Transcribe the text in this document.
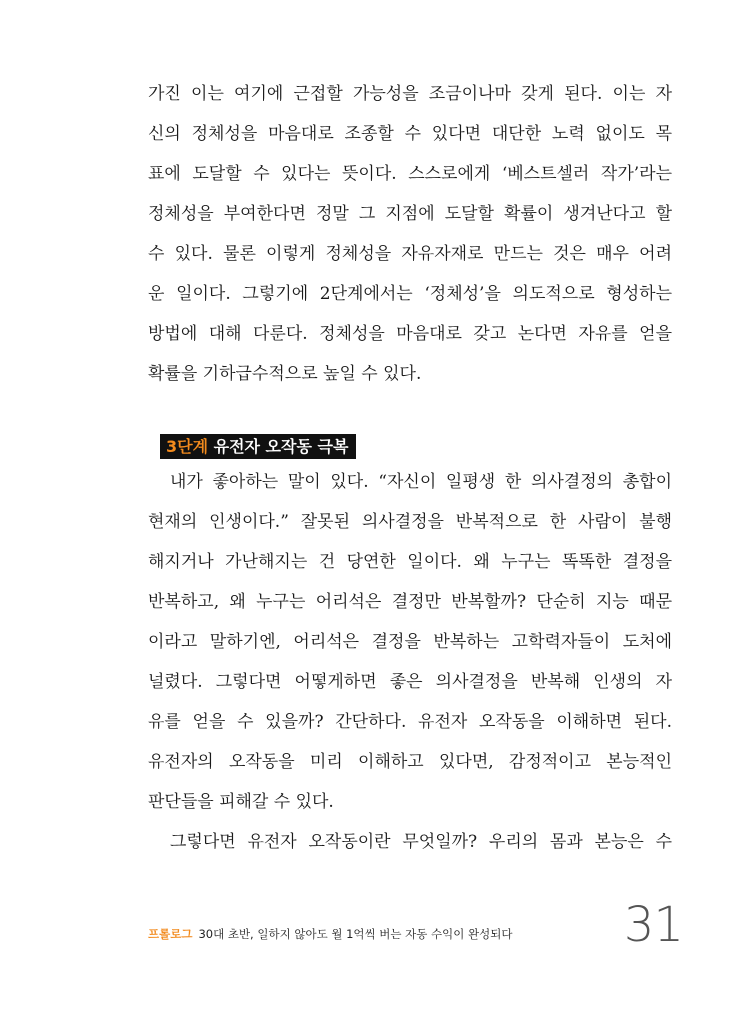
가진 이는 여기에 근접할 가능성을 조금이나마 갖게 된다. 이는 자
신의 정체성을 마음대로 조종할 수 있다면 대단한 노력 없이도 목
표에 도달할 수 있다는 뜻이다. 스스로에게 ‘베스트셀러 작가’라는
정체성을 부여한다면 정말 그 지점에 도달할 확률이 생겨난다고 할
수 있다. 물론 이렇게 정체성을 자유자재로 만드는 것은 매우 어려
운 일이다. 그렇기에 2단계에서는 ‘정체성’을 의도적으로 형성하는
방법에 대해 다룬다. 정체성을 마음대로 갖고 논다면 자유를 얻을
확률을 기하급수적으로 높일 수 있다.
3단계 유전자 오작동 극복
내가 좋아하는 말이 있다. “자신이 일평생 한 의사결정의 총합이
현재의 인생이다.” 잘못된 의사결정을 반복적으로 한 사람이 불행
해지거나 가난해지는 건 당연한 일이다. 왜 누구는 똑똑한 결정을
반복하고, 왜 누구는 어리석은 결정만 반복할까? 단순히 지능 때문
이라고 말하기엔, 어리석은 결정을 반복하는 고학력자들이 도처에
널렸다. 그렇다면 어떻게하면 좋은 의사결정을 반복해 인생의 자
유를 얻을 수 있을까? 간단하다. 유전자 오작동을 이해하면 된다.
유전자의 오작동을 미리 이해하고 있다면, 감정적이고 본능적인
판단들을 피해갈 수 있다.
그렇다면 유전자 오작동이란 무엇일까? 우리의 몸과 본능은 수
프롤로그 30대 초반, 일하지 않아도 월 1억씩 버는 자동 수익이 완성되다 31
